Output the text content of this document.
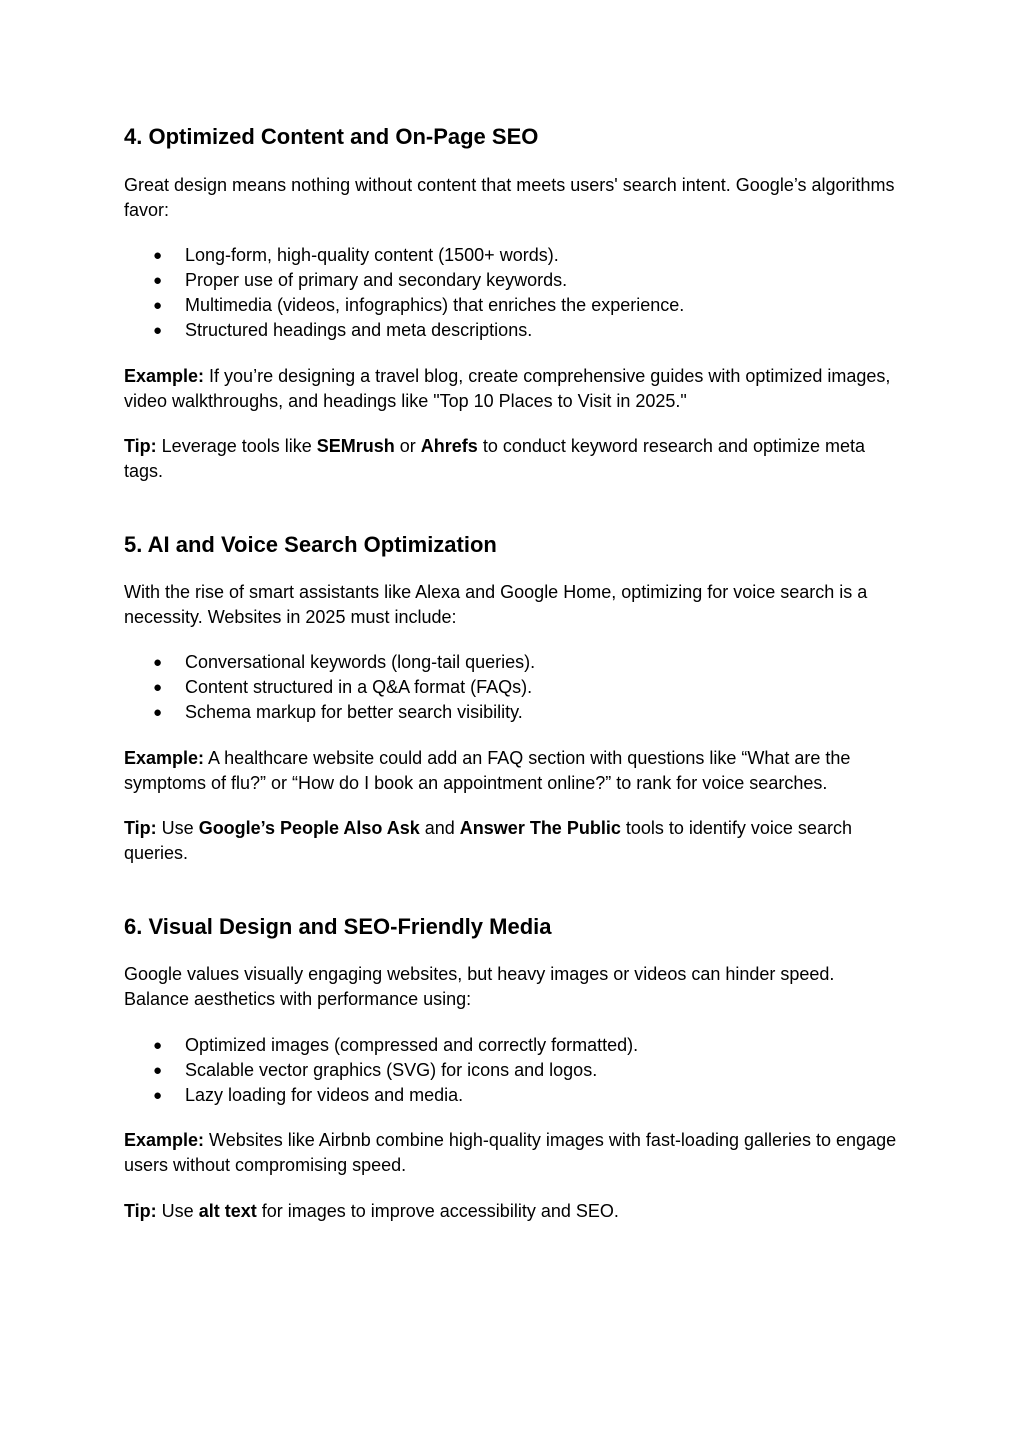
4. Optimized Content and On-Page SEO

Great design means nothing without content that meets users' search intent. Google’s algorithms favor:

● Long-form, high-quality content (1500+ words).
● Proper use of primary and secondary keywords.
● Multimedia (videos, infographics) that enriches the experience.
● Structured headings and meta descriptions.

Example: If you’re designing a travel blog, create comprehensive guides with optimized images, video walkthroughs, and headings like "Top 10 Places to Visit in 2025."

Tip: Leverage tools like SEMrush or Ahrefs to conduct keyword research and optimize meta tags.

5. AI and Voice Search Optimization

With the rise of smart assistants like Alexa and Google Home, optimizing for voice search is a necessity. Websites in 2025 must include:

● Conversational keywords (long-tail queries).
● Content structured in a Q&A format (FAQs).
● Schema markup for better search visibility.

Example: A healthcare website could add an FAQ section with questions like “What are the symptoms of flu?” or “How do I book an appointment online?” to rank for voice searches.

Tip: Use Google’s People Also Ask and Answer The Public tools to identify voice search queries.

6. Visual Design and SEO-Friendly Media

Google values visually engaging websites, but heavy images or videos can hinder speed. Balance aesthetics with performance using:

● Optimized images (compressed and correctly formatted).
● Scalable vector graphics (SVG) for icons and logos.
● Lazy loading for videos and media.

Example: Websites like Airbnb combine high-quality images with fast-loading galleries to engage users without compromising speed.

Tip: Use alt text for images to improve accessibility and SEO.
